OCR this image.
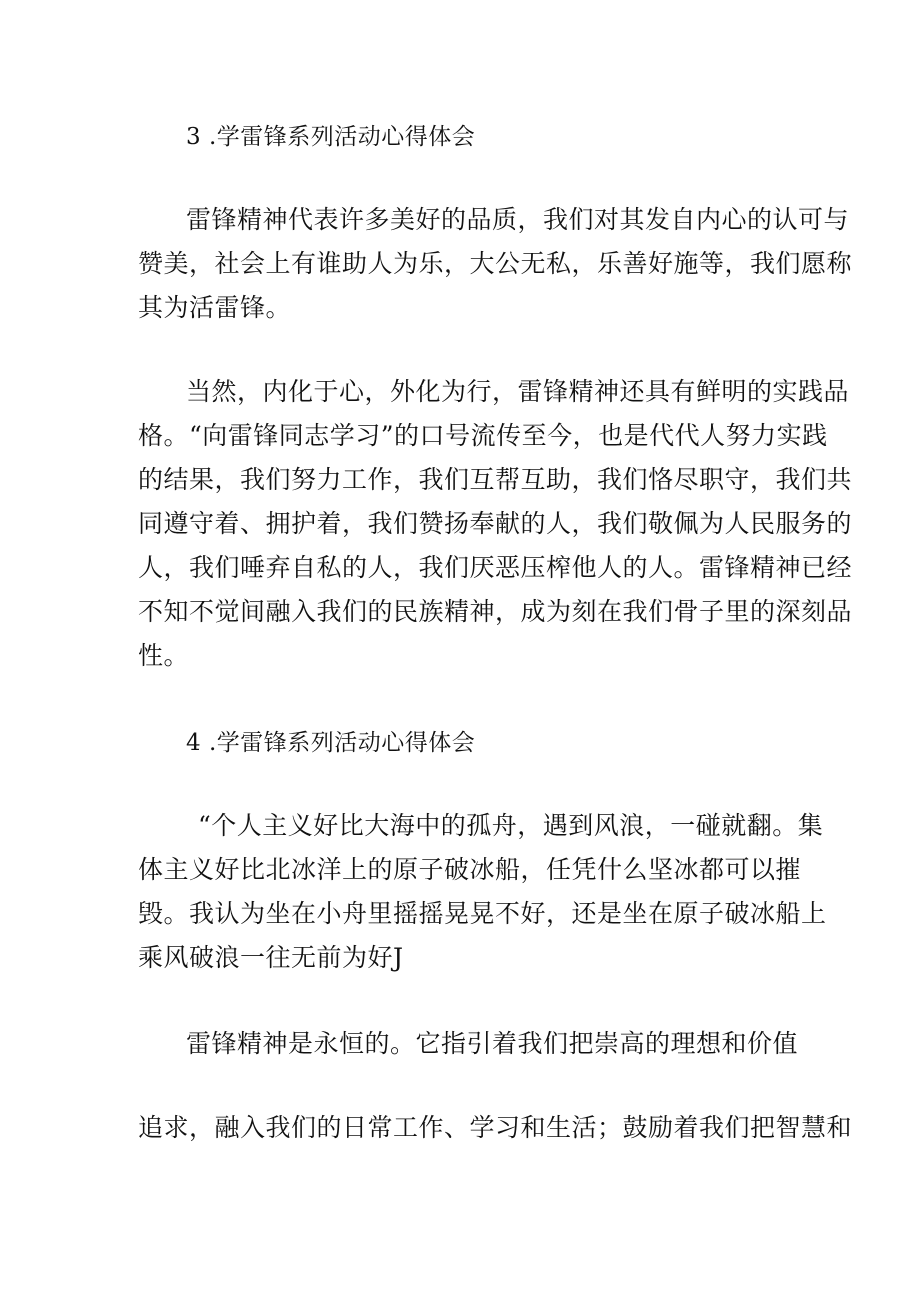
3 .学雷锋系列活动心得体会
雷锋精神代表许多美好的品质，我们对其发自内心的认可与
赞美，社会上有谁助人为乐，大公无私，乐善好施等，我们愿称
其为活雷锋。
当然，内化于心，外化为行，雷锋精神还具有鲜明的实践品
格。“向雷锋同志学习”的口号流传至今，也是代代人努力实践
的结果，我们努力工作，我们互帮互助，我们恪尽职守，我们共
同遵守着、拥护着，我们赞扬奉献的人，我们敬佩为人民服务的
人，我们唾弃自私的人，我们厌恶压榨他人的人。雷锋精神已经
不知不觉间融入我们的民族精神，成为刻在我们骨子里的深刻品
性。
4 .学雷锋系列活动心得体会
“个人主义好比大海中的孤舟，遇到风浪，一碰就翻。集
体主义好比北冰洋上的原子破冰船，任凭什么坚冰都可以摧
毁。我认为坐在小舟里摇摇晃晃不好，还是坐在原子破冰船上
乘风破浪一往无前为好J
雷锋精神是永恒的。它指引着我们把崇高的理想和价值
追求，融入我们的日常工作、学习和生活；鼓励着我们把智慧和
